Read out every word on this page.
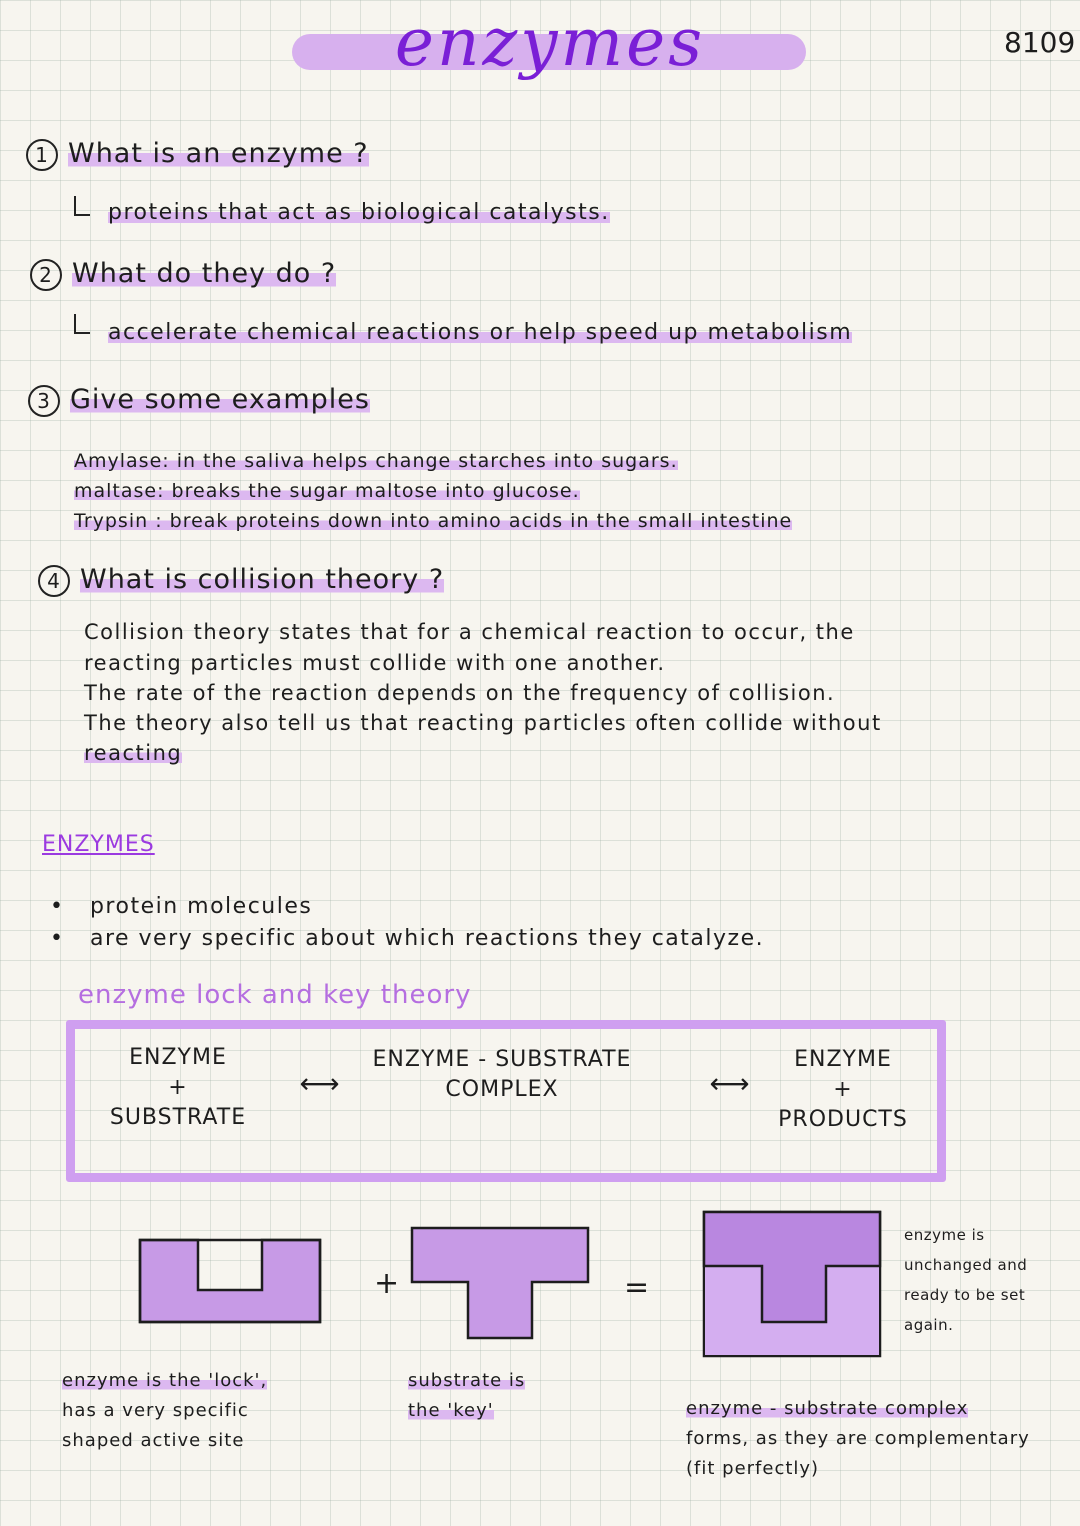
enzymes	8109
1 What is an enzyme ?
proteins that act as biological catalysts.
2 What do they do ?
accelerate chemical reactions or help speed up metabolism
3 Give some examples
Amylase: in the saliva helps change starches into sugars.
maltase: breaks the sugar maltose into glucose.
Trypsin : break proteins down into amino acids in the small intestine
4 What is collision theory ?
Collision theory states that for a chemical reaction to occur, the
reacting particles must collide with one another.
The rate of the reaction depends on the frequency of collision.
The theory also tell us that reacting particles often collide without
reacting
ENZYMES
•   protein molecules
•   are very specific about which reactions they catalyze.
enzyme lock and key theory
ENZYME
+
SUBSTRATE
⟷
ENZYME - SUBSTRATE
COMPLEX	⟷
ENZYME
+
PRODUCTS
+	=
enzyme is the 'lock',
has a very specific
shaped active site
substrate is
the 'key'	enzyme - substrate complex
forms, as they are complementary
(fit perfectly)
enzyme is
unchanged and
ready to be set
again.
